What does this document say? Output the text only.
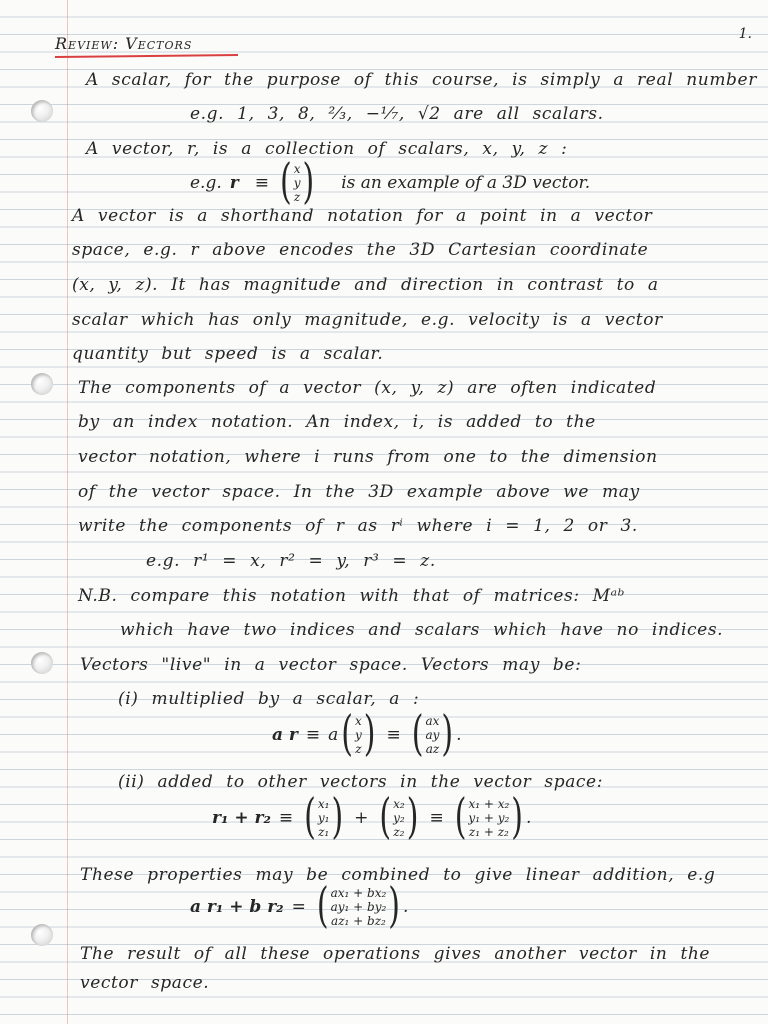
1.
Review: Vectors
A scalar, for the purpose of this course, is simply a real number
e.g. 1, 3, 8, ²⁄₃, −¹⁄₇, √2 are all scalars.
A vector, r, is a collection of scalars, x, y, z :
e.g. r ≡ ( x
y
z ) is an example of a 3D vector.
A vector is a shorthand notation for a point in a vector
space, e.g. r above encodes the 3D Cartesian coordinate
(x, y, z). It has magnitude and direction in contrast to a
scalar which has only magnitude, e.g. velocity is a vector
quantity but speed is a scalar.
The components of a vector (x, y, z) are often indicated
by an index notation. An index, i, is added to the
vector notation, where i runs from one to the dimension
of the vector space. In the 3D example above we may
write the components of r as rⁱ where i = 1, 2 or 3.
e.g. r¹ = x, r² = y, r³ = z.
N.B. compare this notation with that of matrices: Mᵃᵇ
which have two indices and scalars which have no indices.
Vectors "live" in a vector space. Vectors may be:
(i) multiplied by a scalar, a :
a r ≡ a ( x
y
z ) ≡ ( ax
ay
az ) .
(ii) added to other vectors in the vector space:
r₁ + r₂ ≡ ( x₁
y₁
z₁ ) + ( x₂
y₂
z₂ ) ≡ ( x₁ + x₂
y₁ + y₂
z₁ + z₂ ) .
These properties may be combined to give linear addition, e.g
a r₁ + b r₂ = ( ax₁ + bx₂
ay₁ + by₂
az₁ + bz₂ ) .
The result of all these operations gives another vector in the
vector space.
